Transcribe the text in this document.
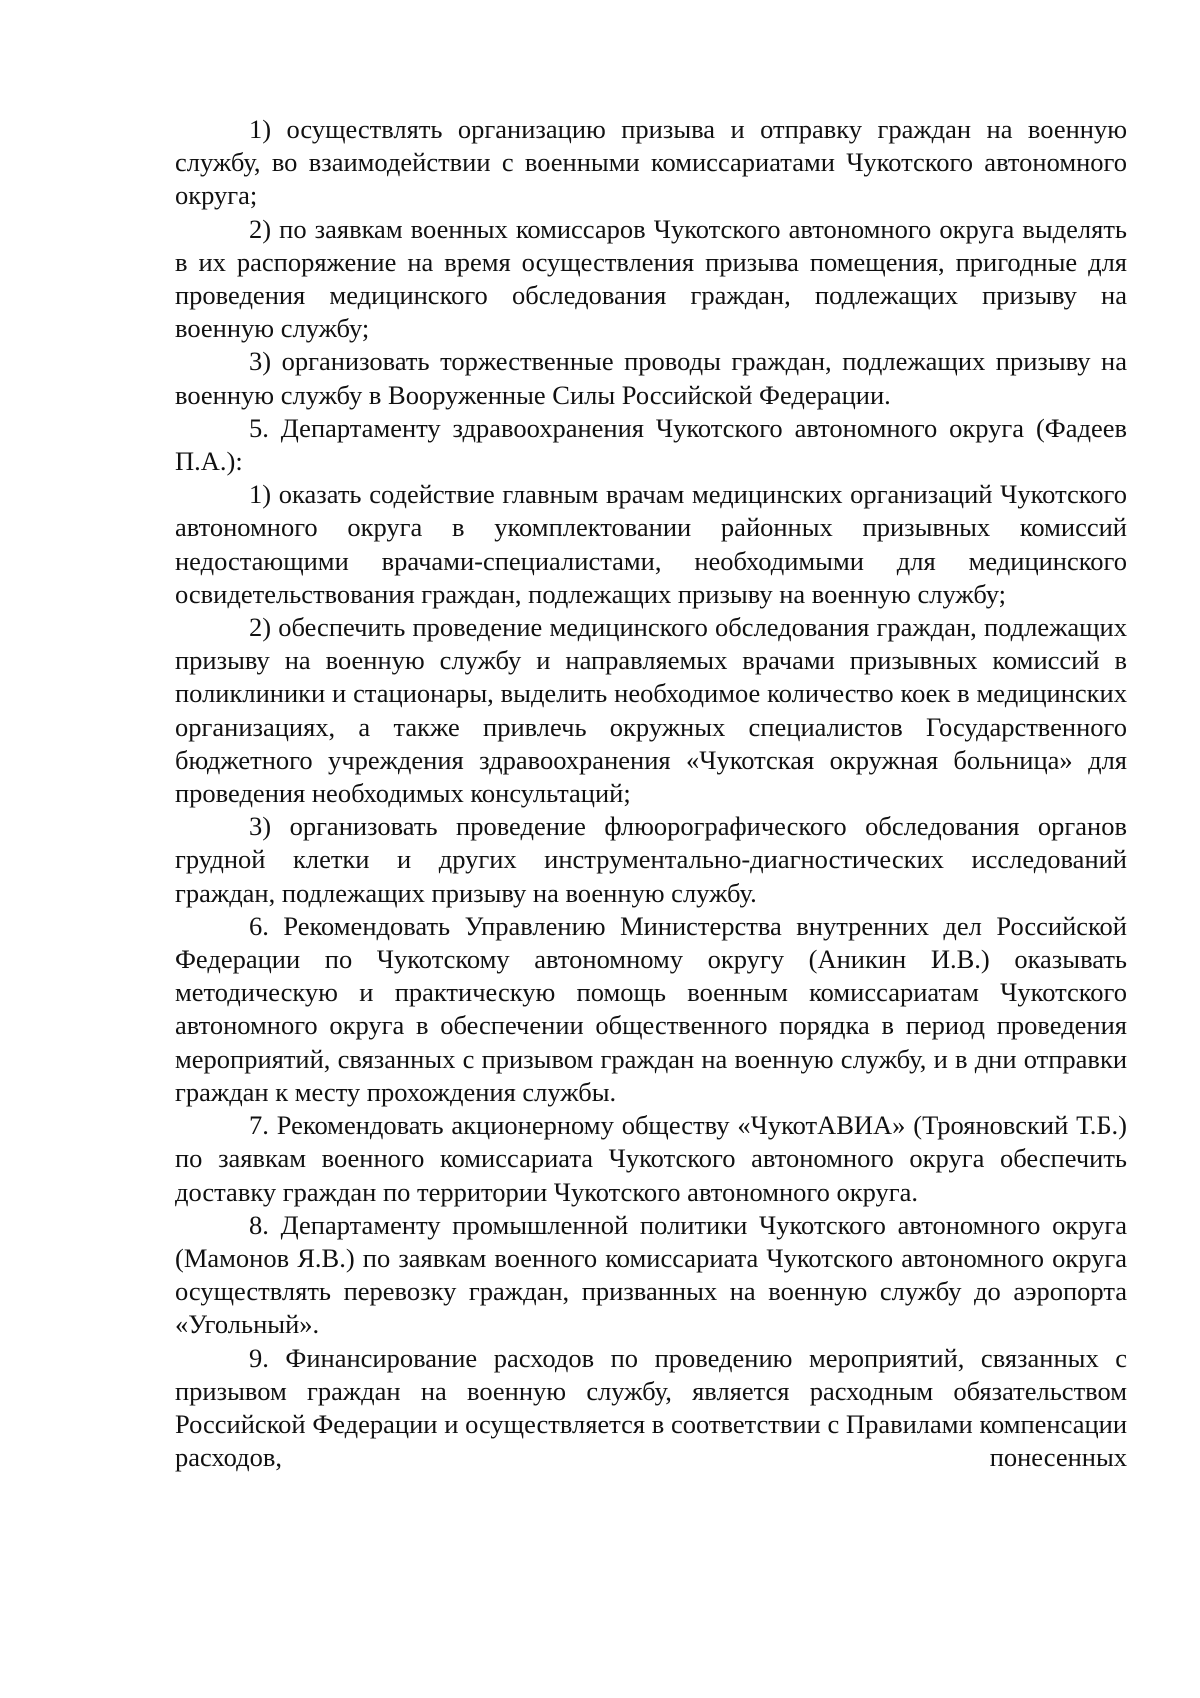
1) осуществлять организацию призыва и отправку граждан на военную службу, во взаимодействии с военными комиссариатами Чукотского автономного округа;

2) по заявкам военных комиссаров Чукотского автономного округа выделять в их распоряжение на время осуществления призыва помещения, пригодные для проведения медицинского обследования граждан, подлежащих призыву на военную службу;

3) организовать торжественные проводы граждан, подлежащих призыву на военную службу в Вооруженные Силы Российской Федерации.

5. Департаменту здравоохранения Чукотского автономного округа (Фадеев П.А.):

1) оказать содействие главным врачам медицинских организаций Чукотского автономного округа в укомплектовании районных призывных комиссий недостающими врачами-специалистами, необходимыми для медицинского освидетельствования граждан, подлежащих призыву на военную службу;

2) обеспечить проведение медицинского обследования граждан, подлежащих призыву на военную службу и направляемых врачами призывных комиссий в поликлиники и стационары, выделить необходимое количество коек в медицинских организациях, а также привлечь окружных специалистов Государственного бюджетного учреждения здравоохранения «Чукотская окружная больница» для проведения необходимых консультаций;

3) организовать проведение флюорографического обследования органов грудной клетки и других инструментально-диагностических исследований граждан, подлежащих призыву на военную службу.

6. Рекомендовать Управлению Министерства внутренних дел Российской Федерации по Чукотскому автономному округу (Аникин И.В.) оказывать методическую и практическую помощь военным комиссариатам Чукотского автономного округа в обеспечении общественного порядка в период проведения мероприятий, связанных с призывом граждан на военную службу, и в дни отправки граждан к месту прохождения службы.

7. Рекомендовать акционерному обществу «ЧукотАВИА» (Трояновский Т.Б.) по заявкам военного комиссариата Чукотского автономного округа обеспечить доставку граждан по территории Чукотского автономного округа.

8. Департаменту промышленной политики Чукотского автономного округа (Мамонов Я.В.) по заявкам военного комиссариата Чукотского автономного округа осуществлять перевозку граждан, призванных на военную службу до аэропорта «Угольный».

9. Финансирование расходов по проведению мероприятий, связанных с призывом граждан на военную службу, является расходным обязательством Российской Федерации и осуществляется в соответствии с Правилами компенсации расходов, понесенных
